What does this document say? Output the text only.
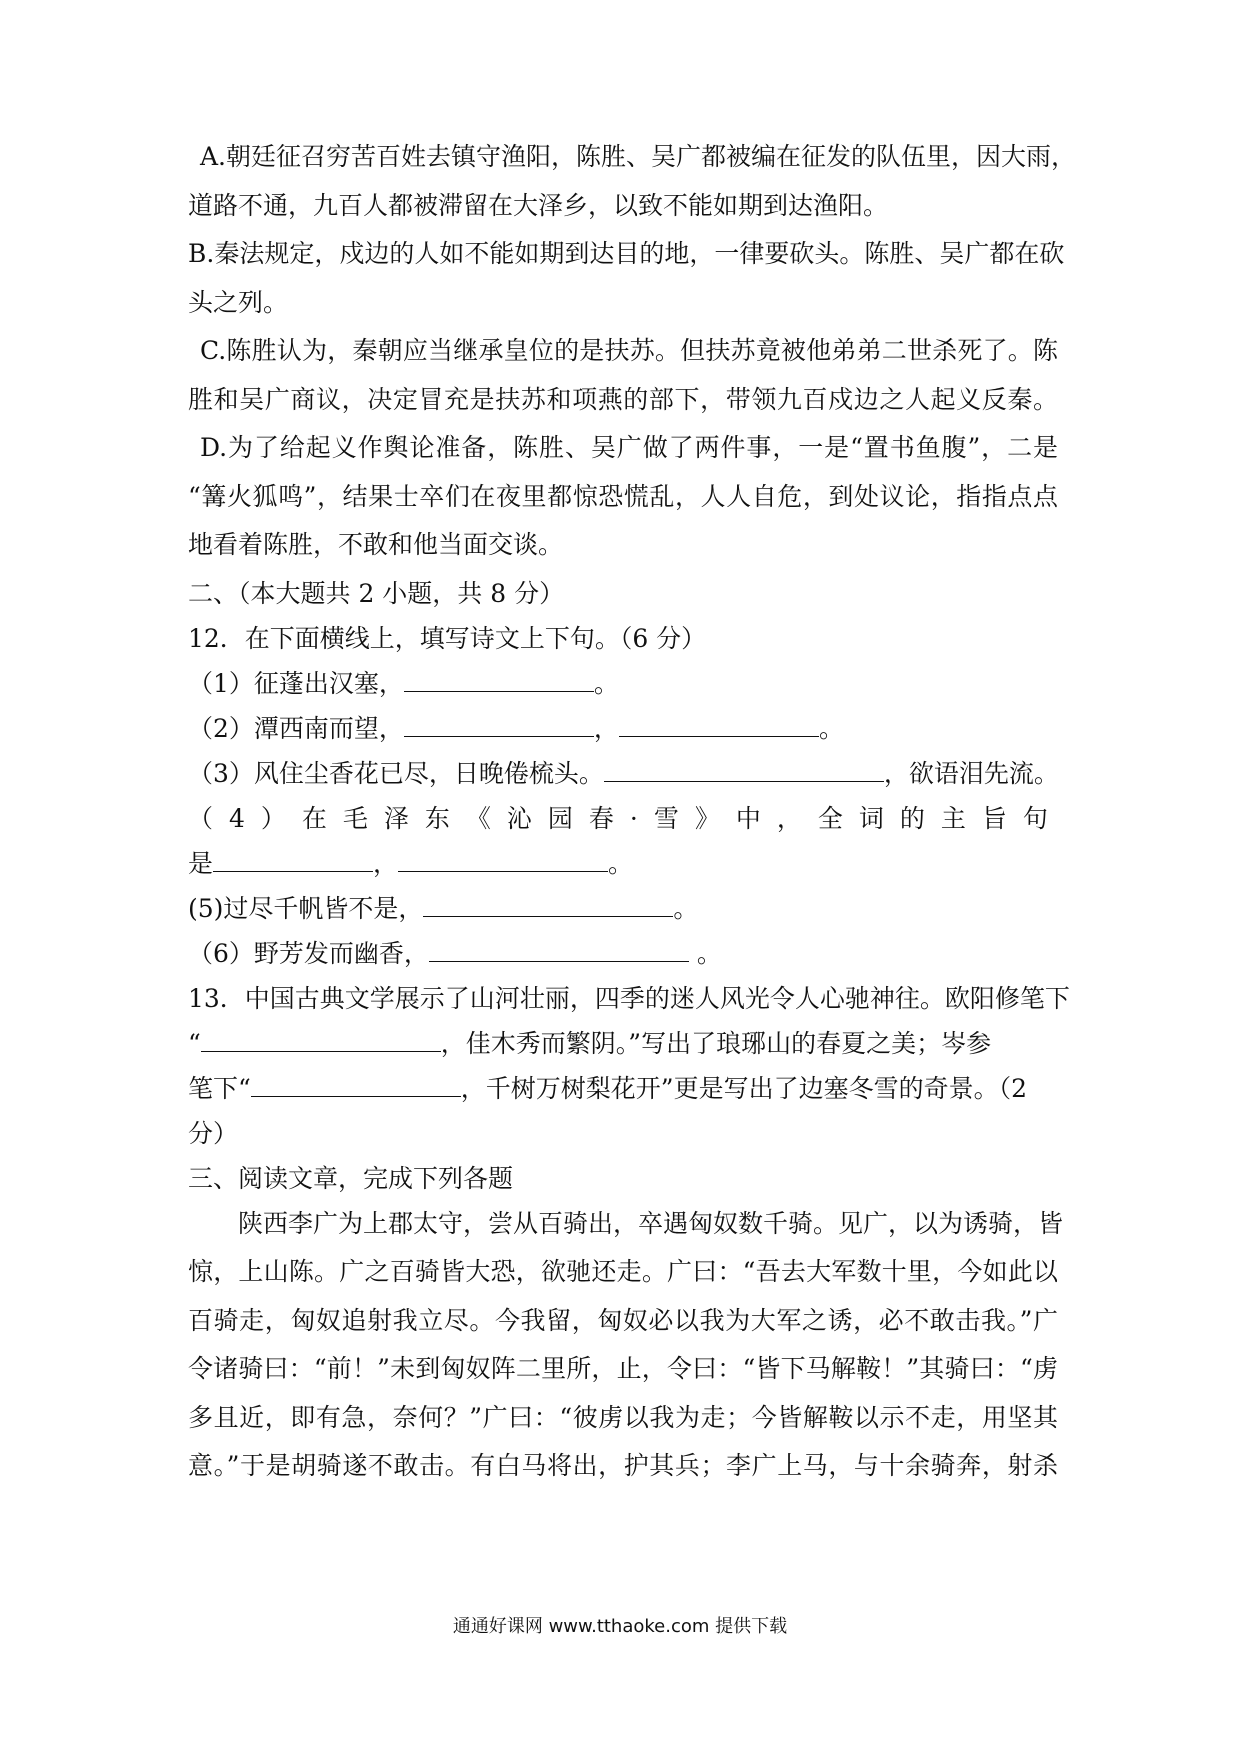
A.朝廷征召穷苦百姓去镇守渔阳，陈胜、吴广都被编在征发的队伍里，因大雨，
道路不通，九百人都被滞留在大泽乡，以致不能如期到达渔阳。
B.秦法规定，戍边的人如不能如期到达目的地，一律要砍头。陈胜、吴广都在砍
头之列。
C.陈胜认为，秦朝应当继承皇位的是扶苏。但扶苏竟被他弟弟二世杀死了。陈
胜和吴广商议，决定冒充是扶苏和项燕的部下，带领九百戍边之人起义反秦。
D.为了给起义作舆论准备，陈胜、吴广做了两件事，一是“置书鱼腹”，二是
“篝火狐鸣”，结果士卒们在夜里都惊恐慌乱，人人自危，到处议论，指指点点
地看着陈胜，不敢和他当面交谈。
二、（本大题共 2 小题，共 8 分）
12．在下面横线上，填写诗文上下句。（6 分）
（1）征蓬出汉塞，	。
（2）潭西南而望，	，	。
（3）风住尘香花已尽，日晚倦梳头。	，欲语泪先流。
（4）在毛泽东《沁园春·雪》中，全词的主旨句
是	，	。
(5)过尽千帆皆不是，	。
（6）野芳发而幽香，	。
13．中国古典文学展示了山河壮丽，四季的迷人风光令人心驰神往。欧阳修笔下
“	，佳木秀而繁阴。”写出了琅琊山的春夏之美；岑参
笔下“	，千树万树梨花开”更是写出了边塞冬雪的奇景。（2
分）
三、阅读文章，完成下列各题
陕西李广为上郡太守，尝从百骑出，卒遇匈奴数千骑。见广，以为诱骑，皆
惊，上山陈。广之百骑皆大恐，欲驰还走。广曰：“吾去大军数十里，今如此以
百骑走，匈奴追射我立尽。今我留，匈奴必以我为大军之诱，必不敢击我。”广
令诸骑曰：“前！”未到匈奴阵二里所，止，令曰：“皆下马解鞍！”其骑曰：“虏
多且近，即有急，奈何？”广曰：“彼虏以我为走；今皆解鞍以示不走，用坚其
意。”于是胡骑遂不敢击。有白马将出，护其兵；李广上马，与十余骑奔，射杀
通通好课网 www.tthaoke.com 提供下载
